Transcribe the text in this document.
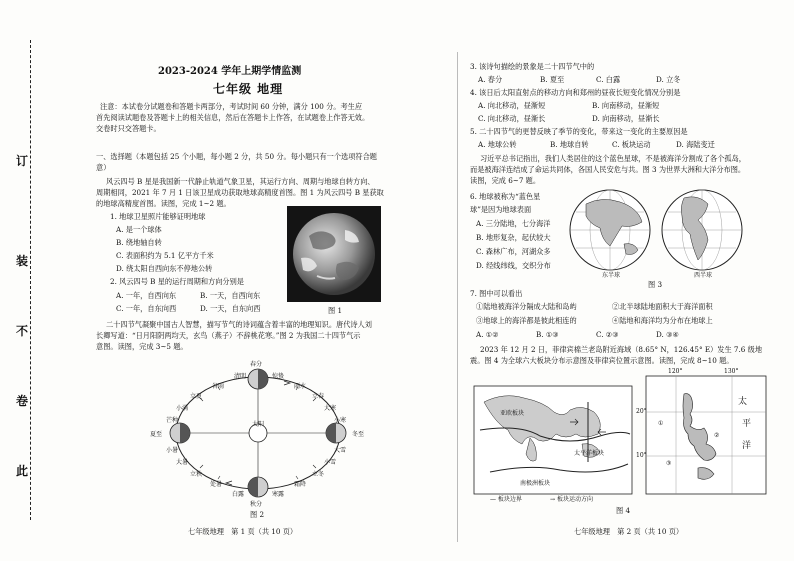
订
装
不
卷
此
2023-2024 学年上期学情监测
七年级 地理
注意：本试卷分试题卷和答题卡两部分，考试时间 60 分钟，满分 100 分。考生应
首先阅读试题卷及答题卡上的相关信息，然后在答题卡上作答，在试题卷上作答无效。
交卷时只交答题卡。
一、选择题（本题包括 25 个小题，每小题 2 分，共 50 分。每小题只有一个选项符合题
意）
风云四号 B 星是我国新一代静止轨道气象卫星，其运行方向、周期与地球自转方向、
周期相同，2021 年 7 月 1 日该卫星成功获取地球高精度首图。图 1 为风云四号 B 星获取
的地球高精度首图。读图，完成 1~2 题。
1. 地球卫星照片能够证明地球
A. 是一个球体
B. 绕地轴自转
C. 表面积约为 5.1 亿平方千米
D. 绕太阳自西向东不停地公转
2. 风云四号 B 星的运行周期和方向分别是
A. 一年，自西向东	B. 一天，自西向东
C. 一年，自东向西	D. 一天，自东向西	图 1
二十四节气凝聚中国古人智慧，描写节气的诗词蕴含着丰富的地理知识。唐代诗人刘
长卿写道：“日月阳阴两均天，玄鸟（燕子）不辞桃花寒。”图 2 为我国二十四节气示
意图。读图，完成 3~5 题。
春分
夏至	冬至
秋分
太阳
清明
谷雨
立夏
小满
芒种
惊蛰
雨水
立春
大寒
小寒
小暑
大暑
立秋
处暑
白露
大雪
小雪
立冬
霜降
寒露
图 2
七年级地理　第 1 页（共 10 页）
3. 该诗句描绘的景象是二十四节气中的
A. 春分	B. 夏至	C. 白露	D. 立冬
4. 该日后太阳直射点的移动方向和郑州的昼夜长短变化情况分别是
A. 向北移动，昼渐短	B. 向南移动，昼渐短
C. 向北移动，昼渐长	D. 向南移动，昼渐长
5. 二十四节气的更替反映了季节的变化，带来这一变化的主要原因是
A. 地球公转	B. 地球自转	C. 板块运动	D. 海陆变迁
习近平总书记指出，我们人类居住的这个蓝色星球，不是被海洋分割成了各个孤岛，
而是被海洋连结成了命运共同体，各国人民安危与共。图 3 为世界大洲和大洋分布图。
读图，完成 6~7 题。
6. 地球被称为“蓝色星
球”是因为地球表面
A. 三分陆地，七分海洋
B. 地形复杂，起伏较大
C. 森林广布，河湖众多
D. 经线纬线，交织分布
东半球	西半球
图 3
7. 图中可以看出
①陆地被海洋分隔成大陆和岛屿	②北半球陆地面积大于海洋面积
③地球上的海洋都是彼此相连的	④陆地和海洋均为分布在地球上
A. ①②	B. ①③	C. ②③	D. ③④
2023 年 12 月 2 日，菲律宾棉兰老岛附近海域（8.65° N，126.45° E）发生 7.6 级地
震。图 4 为全球六大板块分布示意图及菲律宾位置示意图。读图，完成 8~10 题。
亚欧板块
太平洋板块
南极洲板块
120°	130°
20°
10°
太
平
洋
①
②
③
— 板块边界	→ 板块运动方向
图 4
七年级地理　第 2 页（共 10 页）
